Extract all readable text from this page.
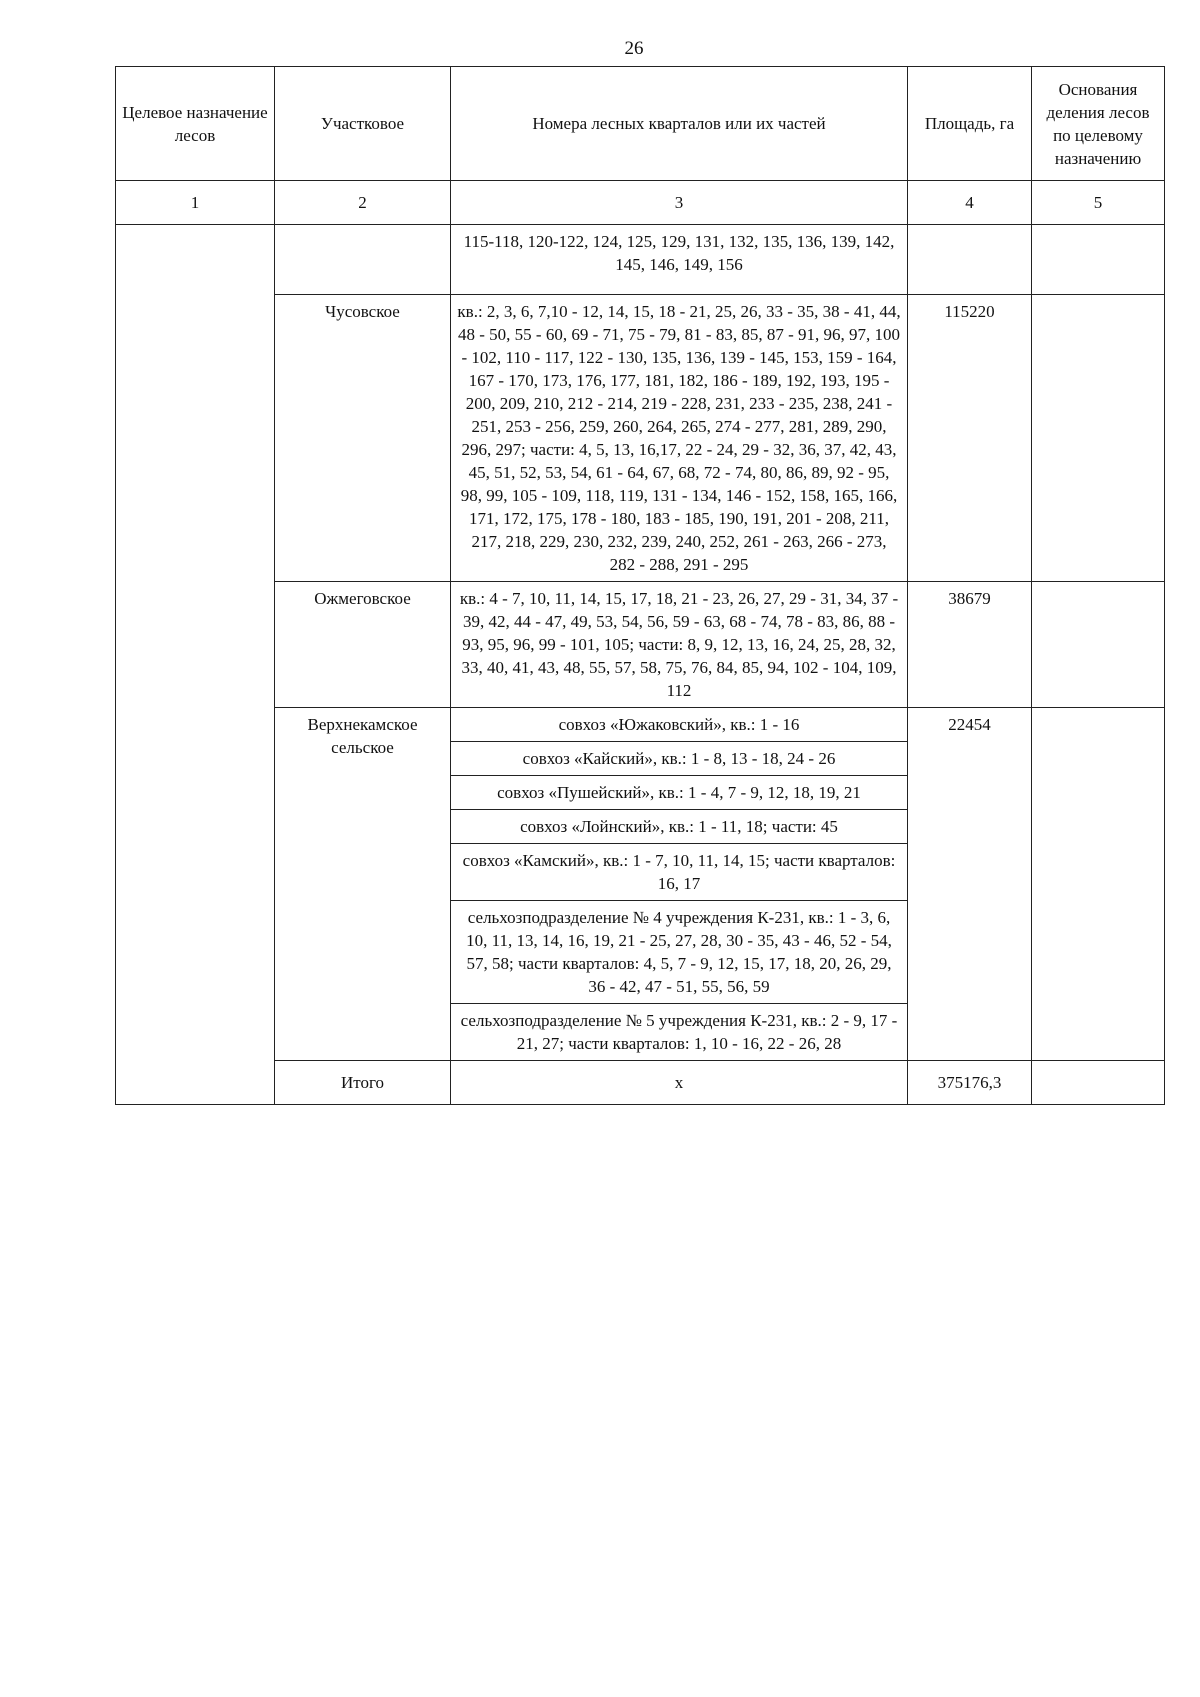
26
Целевое назначение лесов	Участковое	Номера лесных кварталов или их частей	Площадь, га	Основания деления лесов по целевому назначению
1	2	3	4	5
		115-118, 120-122, 124, 125, 129, 131, 132, 135, 136, 139, 142, 145, 146, 149, 156		
	Чусовское	кв.: 2, 3, 6, 7,10 - 12, 14, 15, 18 - 21, 25, 26, 33 - 35, 38 - 41, 44, 48 - 50, 55 - 60, 69 - 71, 75 - 79, 81 - 83, 85, 87 - 91, 96, 97, 100 - 102, 110 - 117, 122 - 130, 135, 136, 139 - 145, 153, 159 - 164, 167 - 170, 173, 176, 177, 181, 182, 186 - 189, 192, 193, 195 - 200, 209, 210, 212 - 214, 219 - 228, 231, 233 - 235, 238, 241 - 251, 253 - 256, 259, 260, 264, 265, 274 - 277, 281, 289, 290, 296, 297; части: 4, 5, 13, 16,17, 22 - 24, 29 - 32, 36, 37, 42, 43, 45, 51, 52, 53, 54, 61 - 64, 67, 68, 72 - 74, 80, 86, 89, 92 - 95, 98, 99, 105 - 109, 118, 119, 131 - 134, 146 - 152, 158, 165, 166, 171, 172, 175, 178 - 180, 183 - 185, 190, 191, 201 - 208, 211, 217, 218, 229, 230, 232, 239, 240, 252, 261 - 263, 266 - 273, 282 - 288, 291 - 295	115220	
	Ожмеговское	кв.: 4 - 7, 10, 11, 14, 15, 17, 18, 21 - 23, 26, 27, 29 - 31, 34, 37 - 39, 42, 44 - 47, 49, 53, 54, 56, 59 - 63, 68 - 74, 78 - 83, 86, 88 - 93, 95, 96, 99 - 101, 105; части: 8, 9, 12, 13, 16, 24, 25, 28, 32, 33, 40, 41, 43, 48, 55, 57, 58, 75, 76, 84, 85, 94, 102 - 104, 109, 112	38679	
	Верхнекамское сельское	совхоз «Южаковский», кв.: 1 - 16	22454	
		совхоз «Кайский», кв.: 1 - 8, 13 - 18, 24 - 26		
		совхоз «Пушейский», кв.: 1 - 4, 7 - 9, 12, 18, 19, 21		
		совхоз «Лойнский», кв.: 1 - 11, 18; части: 45		
		совхоз «Камский», кв.: 1 - 7, 10, 11, 14, 15; части кварталов: 16, 17		
		сельхозподразделение № 4 учреждения К-231, кв.: 1 - 3, 6, 10, 11, 13, 14, 16, 19, 21 - 25, 27, 28, 30 - 35, 43 - 46, 52 - 54, 57, 58; части кварталов: 4, 5, 7 - 9, 12, 15, 17, 18, 20, 26, 29, 36 - 42, 47 - 51, 55, 56, 59		
		сельхозподразделение № 5 учреждения К-231, кв.: 2 - 9, 17 - 21, 27; части кварталов: 1, 10 - 16, 22 - 26, 28		
	Итого	х	375176,3	
